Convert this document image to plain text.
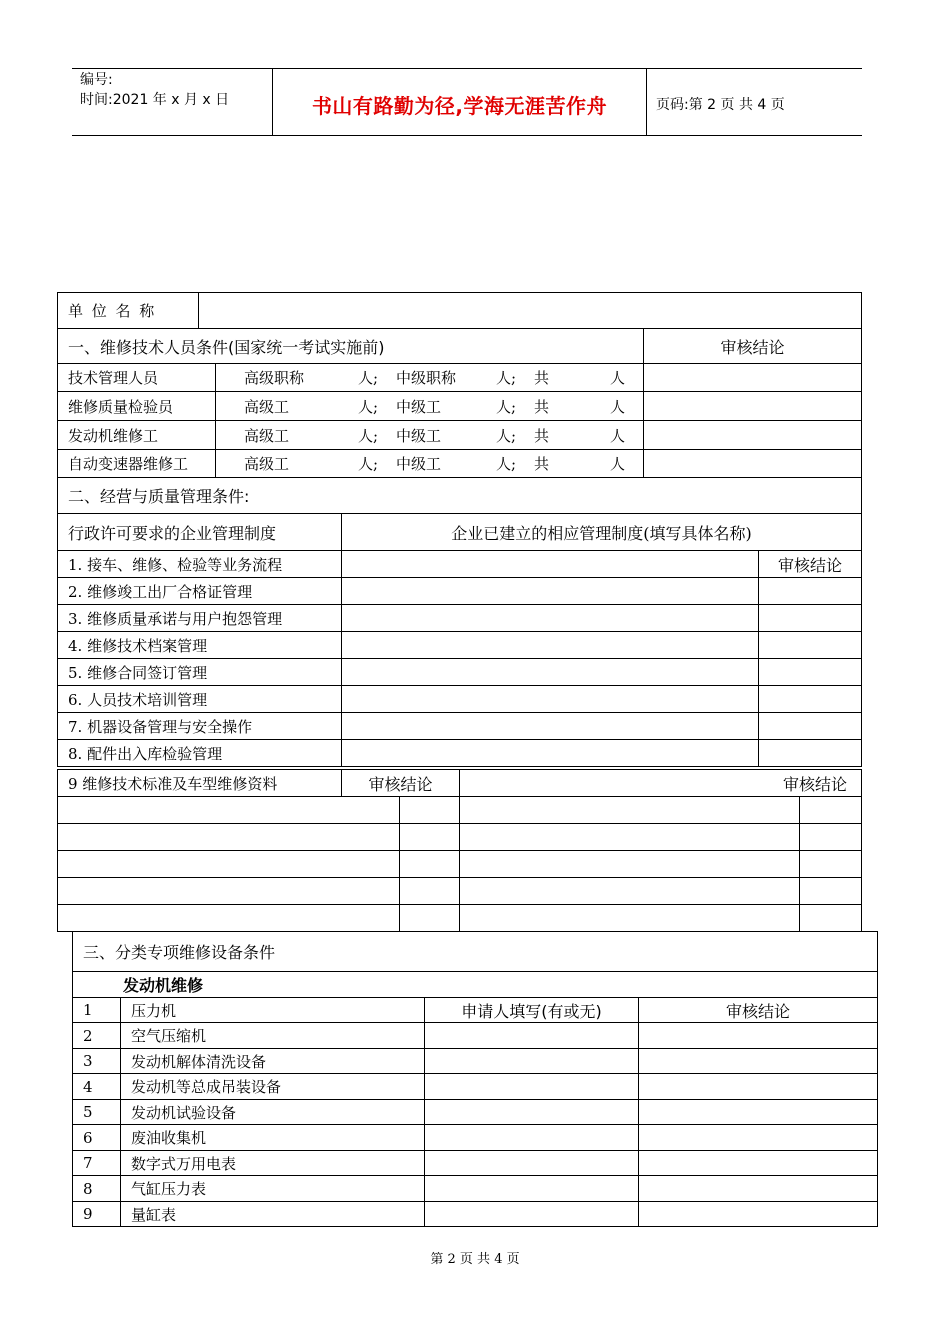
编号:
时间:2021 年 x 月 x 日	书山有路勤为径,学海无涯苦作舟	页码:第 2 页 共 4 页
单 位 名 称					
一、维修技术人员条件(国家统一考试实施前)				审核结论	
技术管理人员		高级职称 人; 中级职称 人; 共 人			
维修质量检验员		高级工 人; 中级工 人; 共 人			
发动机维修工		高级工 人; 中级工 人; 共 人			
自动变速器维修工		高级工 人; 中级工 人; 共 人			
二、经营与质量管理条件:					
行政许可要求的企业管理制度			企业已建立的相应管理制度(填写具体名称)		
1. 接车、维修、检验等业务流程					审核结论
2. 维修竣工出厂合格证管理					
3. 维修质量承诺与用户抱怨管理					
4. 维修技术档案管理					
5. 维修合同签订管理					
6. 人员技术培训管理					
7. 机器设备管理与安全操作					
8. 配件出入库检验管理					
9 维修技术标准及车型维修资料	审核结论		审核结论	

三、分类专项维修设备条件			
发动机维修			
1	压力机	申请人填写(有或无)	审核结论
2	空气压缩机		
3	发动机解体清洗设备		
4	发动机等总成吊装设备		
5	发动机试验设备		
6	废油收集机		
7	数字式万用电表		
8	气缸压力表		
9	量缸表		
第 2 页 共 4 页
